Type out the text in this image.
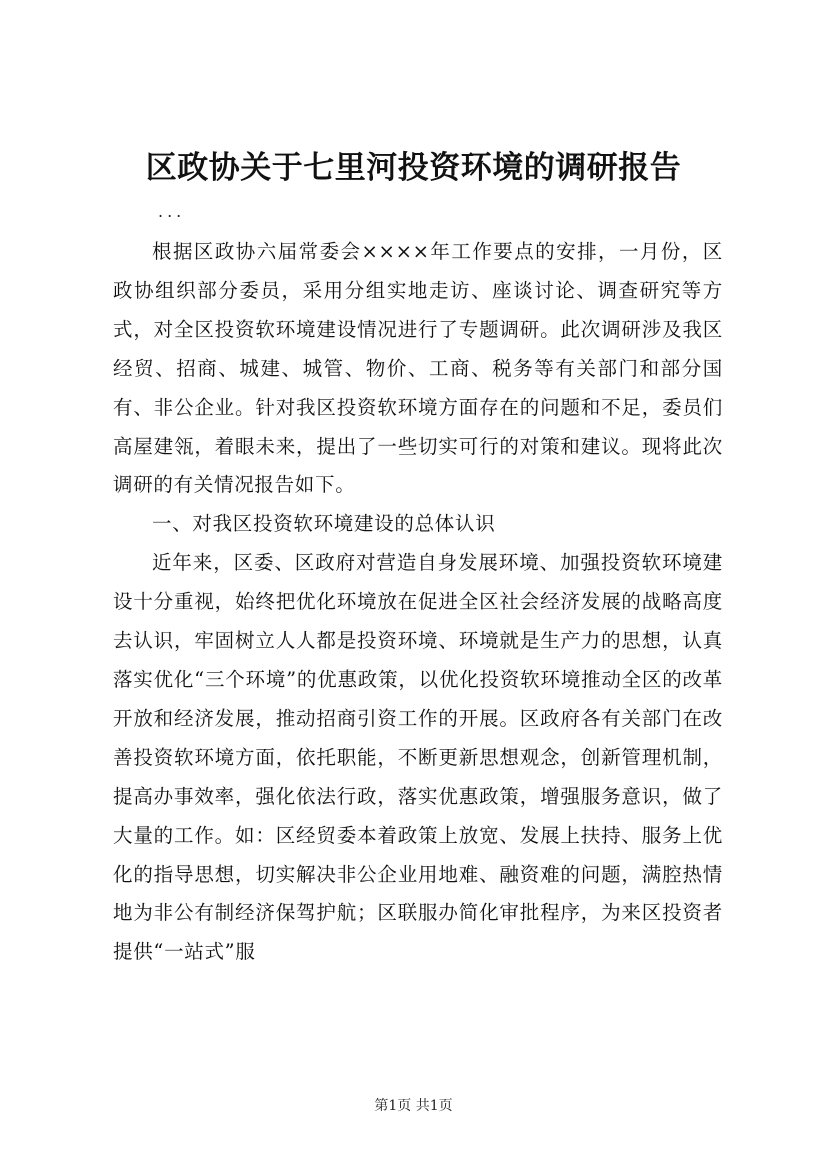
区政协关于七里河投资环境的调研报告
...

根据区政协六届常委会××××年工作要点的安排，一月份，区政协组织部分委员，采用分组实地走访、座谈讨论、调查研究等方式，对全区投资软环境建设情况进行了专题调研。此次调研涉及我区经贸、招商、城建、城管、物价、工商、税务等有关部门和部分国有、非公企业。针对我区投资软环境方面存在的问题和不足，委员们高屋建瓴，着眼未来，提出了一些切实可行的对策和建议。现将此次调研的有关情况报告如下。

一、对我区投资软环境建设的总体认识

近年来，区委、区政府对营造自身发展环境、加强投资软环境建设十分重视，始终把优化环境放在促进全区社会经济发展的战略高度去认识，牢固树立人人都是投资环境、环境就是生产力的思想，认真落实优化“三个环境”的优惠政策，以优化投资软环境推动全区的改革开放和经济发展，推动招商引资工作的开展。区政府各有关部门在改善投资软环境方面，依托职能，不断更新思想观念，创新管理机制，提高办事效率，强化依法行政，落实优惠政策，增强服务意识，做了大量的工作。如：区经贸委本着政策上放宽、发展上扶持、服务上优化的指导思想，切实解决非公企业用地难、融资难的问题，满腔热情地为非公有制经济保驾护航；区联服办简化审批程序，为来区投资者提供“一站式”服

第1页 共1页
